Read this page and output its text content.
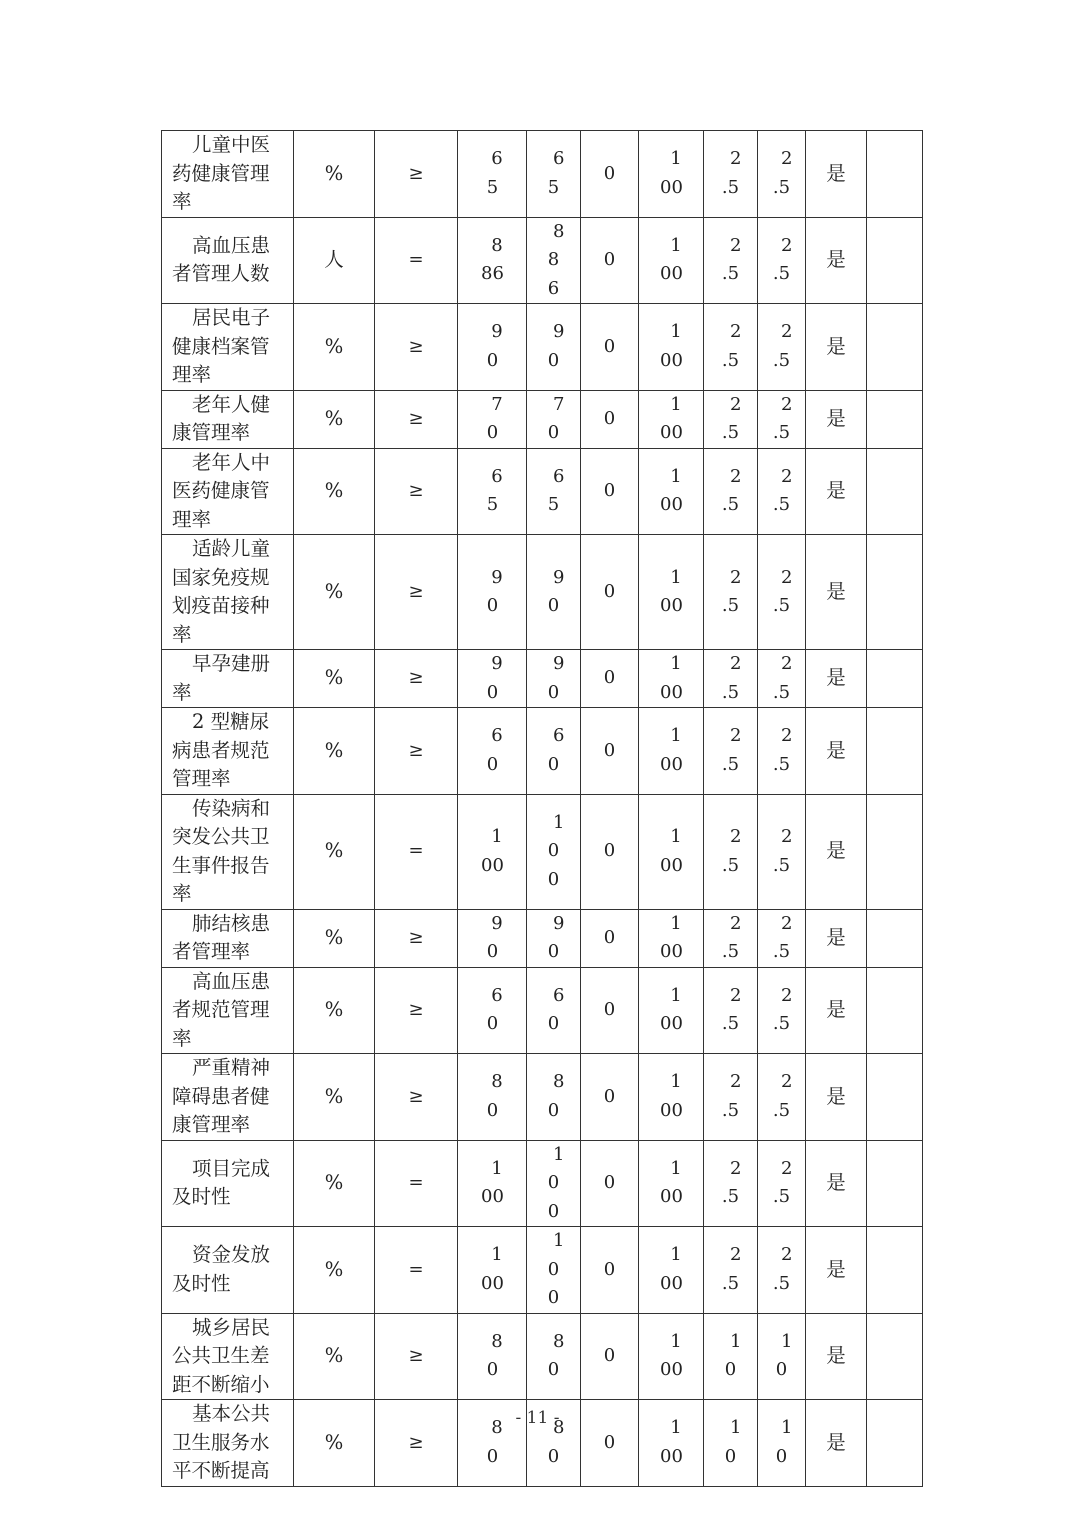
儿童中医药健康管理率	%	≥	65	65	0	100	2.5	2.5	是	
高血压患者管理人数	人	=	886	886	0	100	2.5	2.5	是	
居民电子健康档案管理率	%	≥	90	90	0	100	2.5	2.5	是	
老年人健康管理率	%	≥	70	70	0	100	2.5	2.5	是	
老年人中医药健康管理率	%	≥	65	65	0	100	2.5	2.5	是	
适龄儿童国家免疫规划疫苗接种率	%	≥	90	90	0	100	2.5	2.5	是	
早孕建册率	%	≥	90	90	0	100	2.5	2.5	是	
2 型糖尿病患者规范管理率	%	≥	60	60	0	100	2.5	2.5	是	
传染病和突发公共卫生事件报告率	%	=	100	100	0	100	2.5	2.5	是	
肺结核患者管理率	%	≥	90	90	0	100	2.5	2.5	是	
高血压患者规范管理率	%	≥	60	60	0	100	2.5	2.5	是	
严重精神障碍患者健康管理率	%	≥	80	80	0	100	2.5	2.5	是	
项目完成及时性	%	=	100	100	0	100	2.5	2.5	是	
资金发放及时性	%	=	100	100	0	100	2.5	2.5	是	
城乡居民公共卫生差距不断缩小	%	≥	80	80	0	100	10	10	是	
基本公共卫生服务水平不断提高	%	≥	80	80	0	100	10	10	是	
- 11 -
